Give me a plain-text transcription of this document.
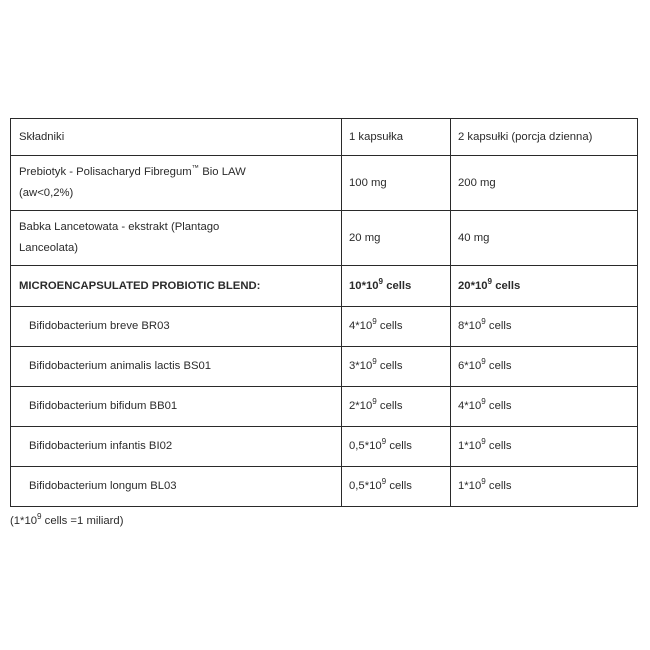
Składniki	1 kapsułka	2 kapsułki (porcja dzienna)

Prebiotyk - Polisacharyd Fibregum™ Bio LAW
(aw<0,2%)	100 mg	200 mg

Babka Lancetowata - ekstrakt (Plantago
Lanceolata)	20 mg	40 mg
MICROENCAPSULATED PROBIOTIC BLEND:	$10*10^9$ cells	$20*10^9$ cells
Bifidobacterium breve BR03	$4*10^9$ cells	$8*10^9$ cells
Bifidobacterium animalis lactis BS01	$3*10^9$ cells	$6*10^9$ cells
Bifidobacterium bifidum BB01	$2*10^9$ cells	$4*10^9$ cells
Bifidobacterium infantis BI02	$0,5*10^9$ cells	$1*10^9$ cells
Bifidobacterium longum BL03	$0,5*10^9$ cells	$1*10^9$ cells
($1*10^9$ cells =1 miliard)
